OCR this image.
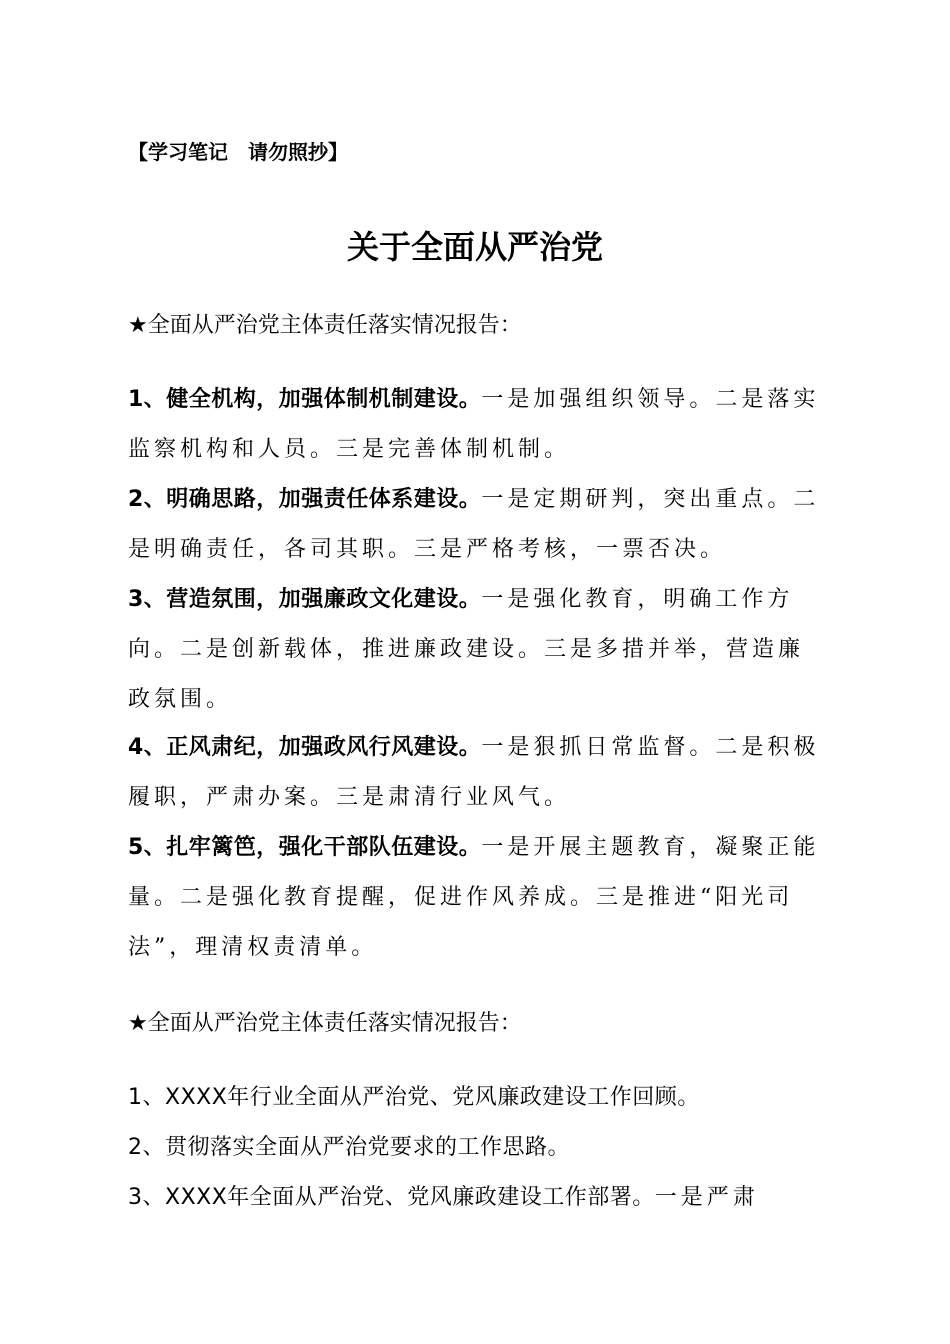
【学习笔记　请勿照抄】
关于全面从严治党
★全面从严治党主体责任落实情况报告：
1、健全机构，加强体制机制建设。一是加强组织领导。二是落实监察机构和人员。三是完善体制机制。
2、明确思路，加强责任体系建设。一是定期研判，突出重点。二是明确责任，各司其职。三是严格考核，一票否决。
3、营造氛围，加强廉政文化建设。一是强化教育，明确工作方向。二是创新载体，推进廉政建设。三是多措并举，营造廉政氛围。
4、正风肃纪，加强政风行风建设。一是狠抓日常监督。二是积极履职，严肃办案。三是肃清行业风气。
5、扎牢篱笆，强化干部队伍建设。一是开展主题教育，凝聚正能量。二是强化教育提醒，促进作风养成。三是推进“阳光司法”，理清权责清单。
★全面从严治党主体责任落实情况报告：
1、XXXX年行业全面从严治党、党风廉政建设工作回顾。
2、贯彻落实全面从严治党要求的工作思路。
3、XXXX年全面从严治党、党风廉政建设工作部署。一是严肃
